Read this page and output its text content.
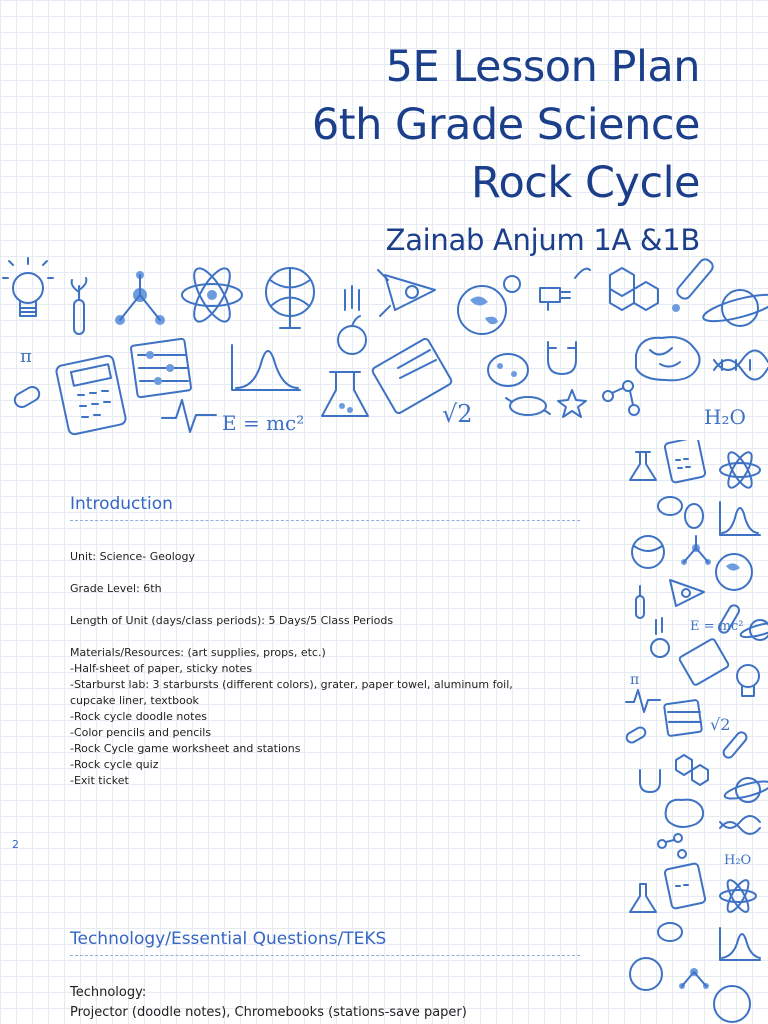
5E Lesson Plan
6th Grade Science
Rock Cycle
Zainab Anjum 1A &1B
π
E = mc²	√2	H₂O
E = mc²
π
√2
H₂O
Introduction

Unit: Science- Geology

Grade Level: 6th

Length of Unit (days/class periods): 5 Days/5 Class Periods

Materials/Resources: (art supplies, props, etc.)

-Half-sheet of paper, sticky notes

-Starburst lab: 3 starbursts (different colors), grater, paper towel, aluminum foil,

cupcake liner, textbook

-Rock cycle doodle notes

-Color pencils and pencils

-Rock Cycle game worksheet and stations

-Rock cycle quiz

-Exit ticket

2
Technology/Essential Questions/TEKS

Technology:

Projector (doodle notes), Chromebooks (stations-save paper)
